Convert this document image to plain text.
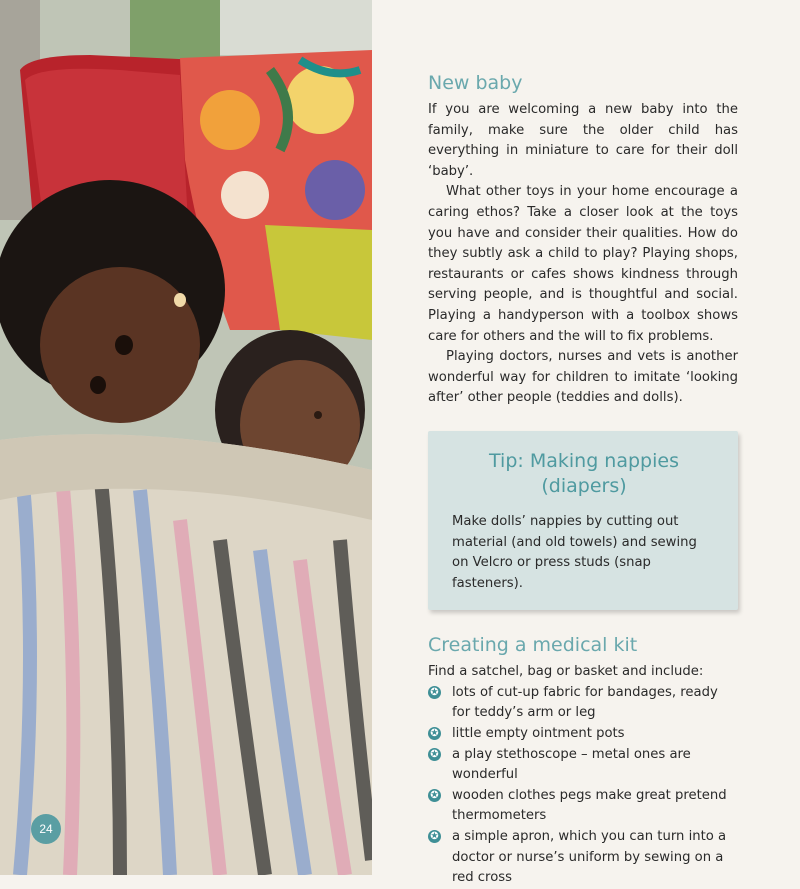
24
New baby

If you are welcoming a new baby into the family, make sure the older child has everything in miniature to care for their doll ‘baby’.

What other toys in your home encourage a caring ethos? Take a closer look at the toys you have and consider their qualities. How do they subtly ask a child to play? Playing shops, restaurants or cafes shows kindness through serving people, and is thoughtful and social. Playing a handyperson with a toolbox shows care for others and the will to fix problems.

Playing doctors, nurses and vets is another wonderful way for children to imitate ‘looking after’ other people (teddies and dolls).

Tip: Making nappies (diapers)

Make dolls’ nappies by cutting out material (and old towels) and sewing on Velcro or press studs (snap fasteners).

Creating a medical kit

Find a satchel, bag or basket and include:

✪ lots of cut-up fabric for bandages, ready for teddy’s arm or leg
✪ little empty ointment pots
✪ a play stethoscope – metal ones are wonderful
✪ wooden clothes pegs make great pretend thermometers
✪ a simple apron, which you can turn into a doctor or nurse’s uniform by sewing on a red cross
